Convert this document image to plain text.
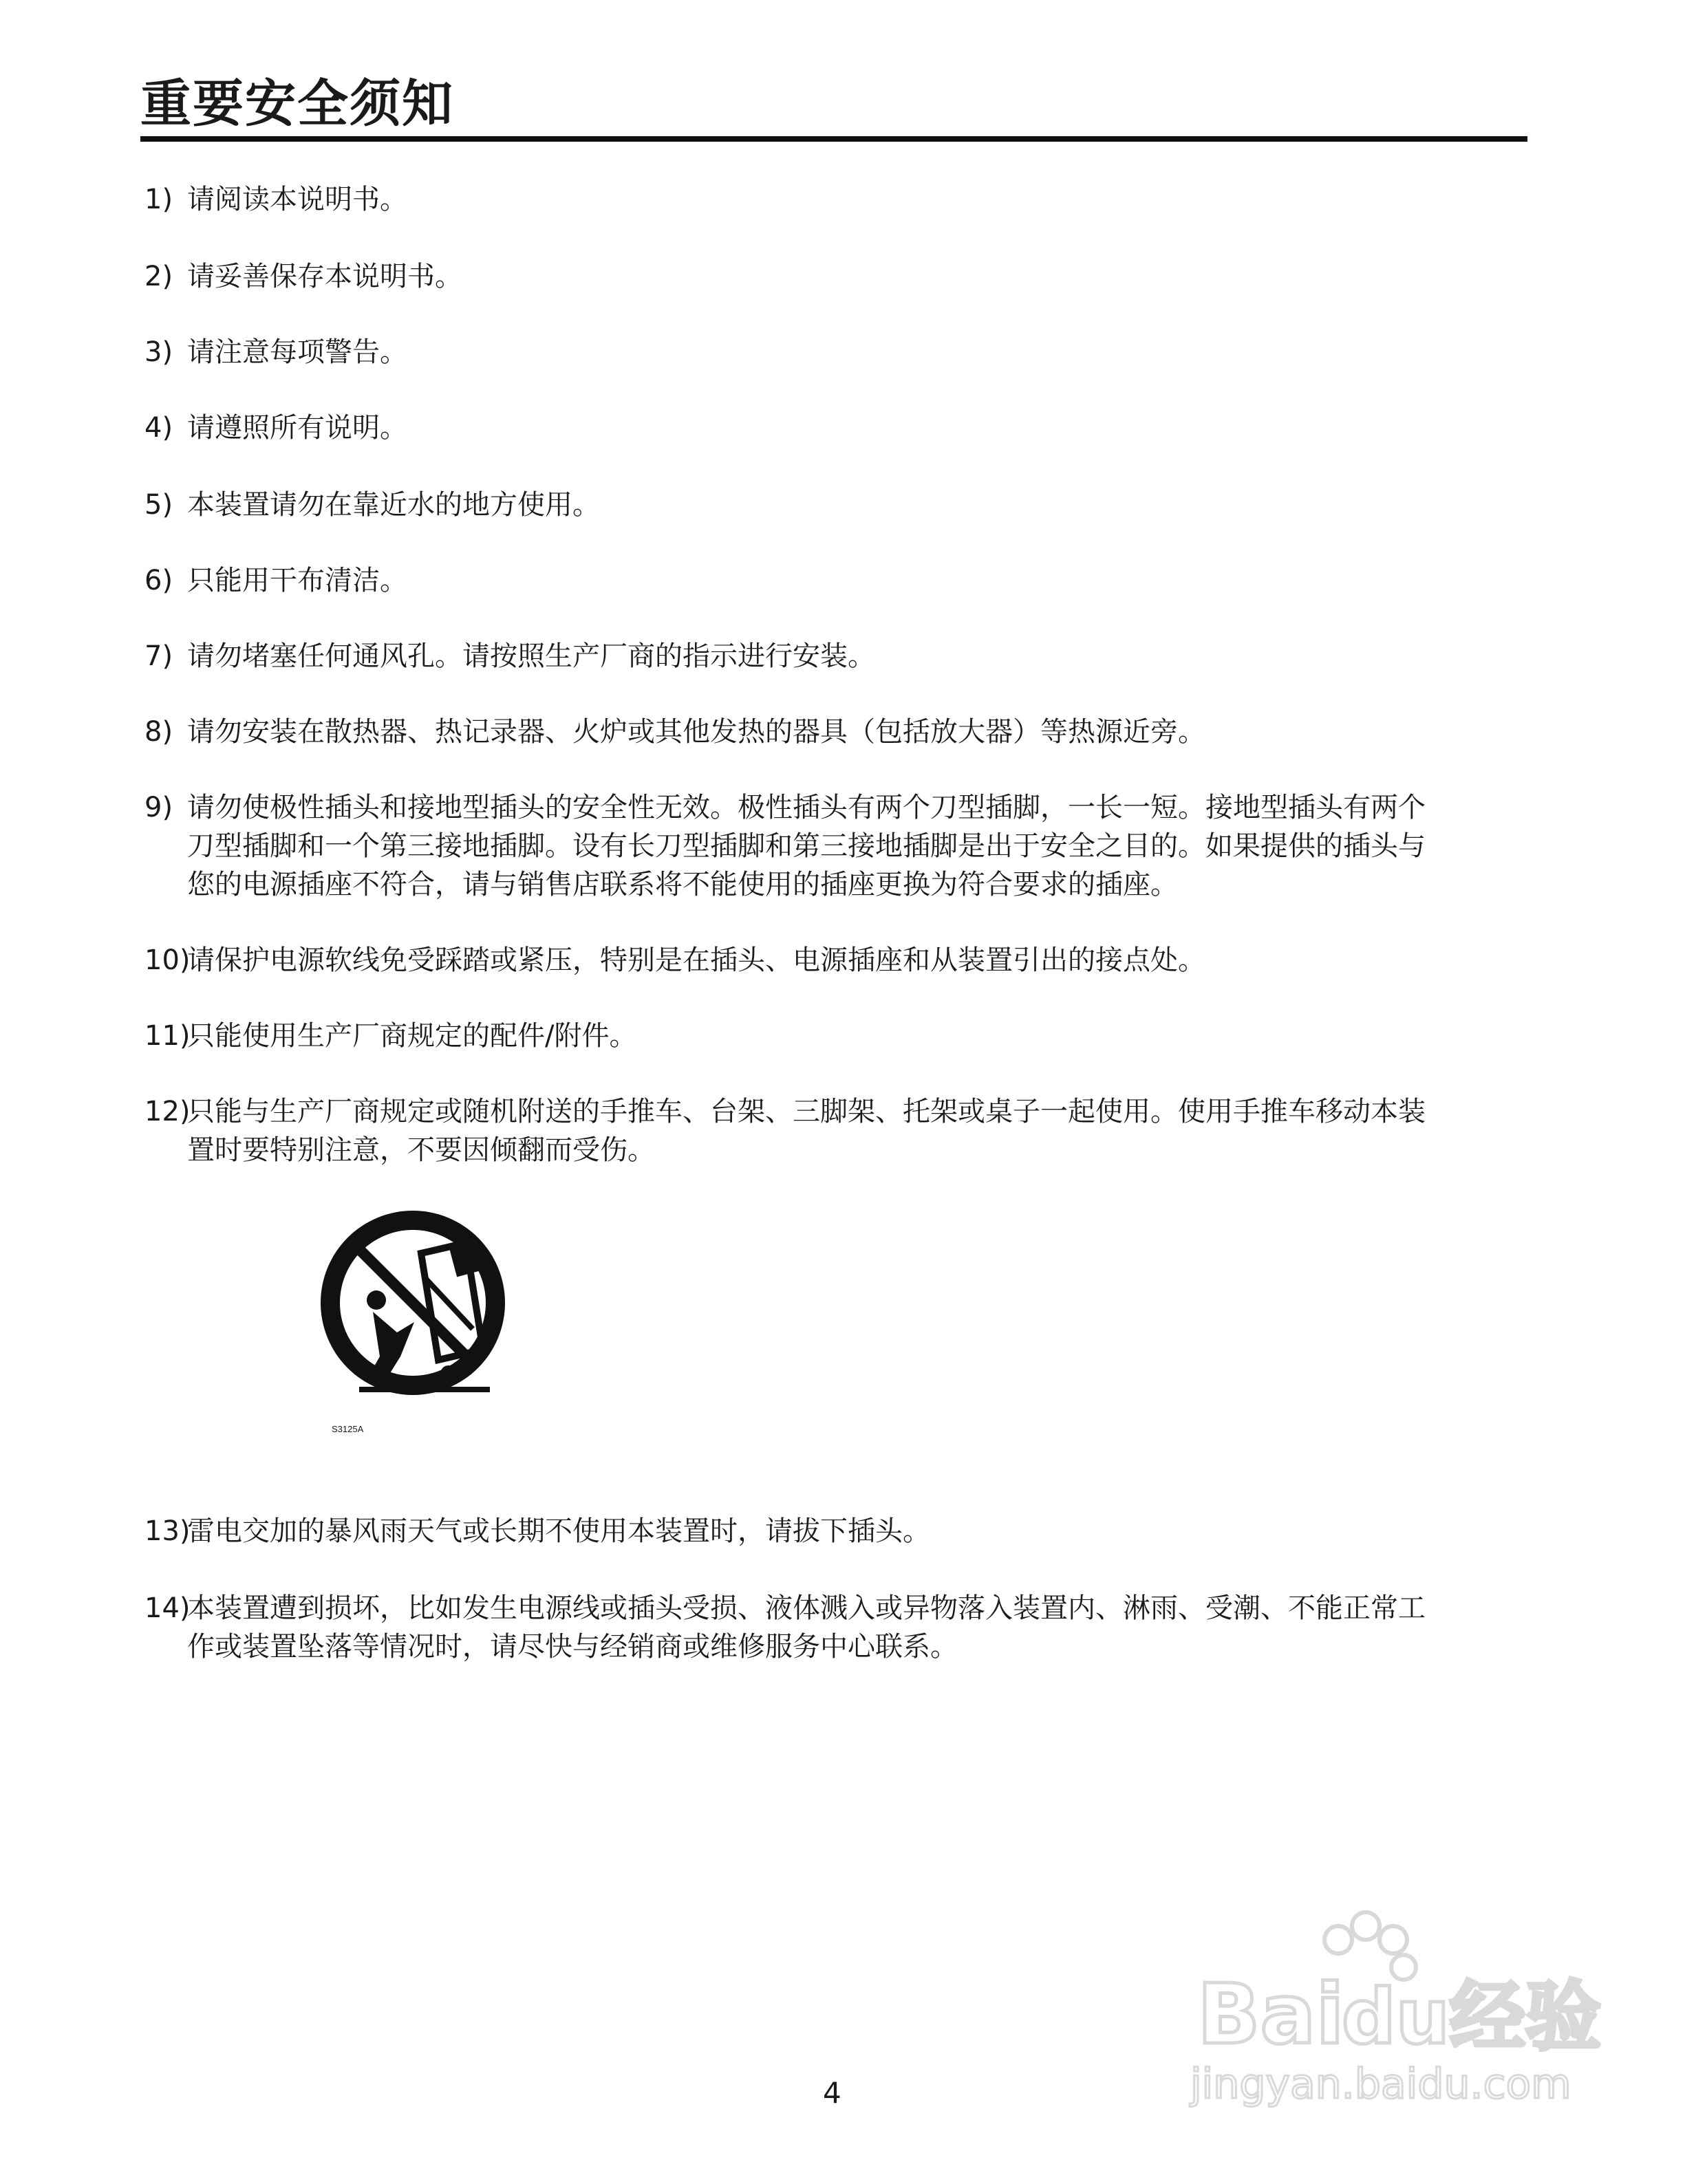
重要安全须知
1) 请阅读本说明书。
2) 请妥善保存本说明书。
3) 请注意每项警告。
4) 请遵照所有说明。
5) 本装置请勿在靠近水的地方使用。
6) 只能用干布清洁。
7) 请勿堵塞任何通风孔。请按照生产厂商的指示进行安装。
8) 请勿安装在散热器、热记录器、火炉或其他发热的器具（包括放大器）等热源近旁。
9) 请勿使极性插头和接地型插头的安全性无效。极性插头有两个刀型插脚，一长一短。接地型插头有两个
刀型插脚和一个第三接地插脚。设有长刀型插脚和第三接地插脚是出于安全之目的。如果提供的插头与
您的电源插座不符合，请与销售店联系将不能使用的插座更换为符合要求的插座。
10)请保护电源软线免受踩踏或紧压，特别是在插头、电源插座和从装置引出的接点处。
11)只能使用生产厂商规定的配件/附件。
12)只能与生产厂商规定或随机附送的手推车、台架、三脚架、托架或桌子一起使用。使用手推车移动本装
置时要特别注意，不要因倾翻而受伤。
13)雷电交加的暴风雨天气或长期不使用本装置时，请拔下插头。
14)本装置遭到损坏，比如发生电源线或插头受损、液体溅入或异物落入装置内、淋雨、受潮、不能正常工
作或装置坠落等情况时，请尽快与经销商或维修服务中心联系。
S3125A
4
Bai
du经验
jingyan.baidu.com
